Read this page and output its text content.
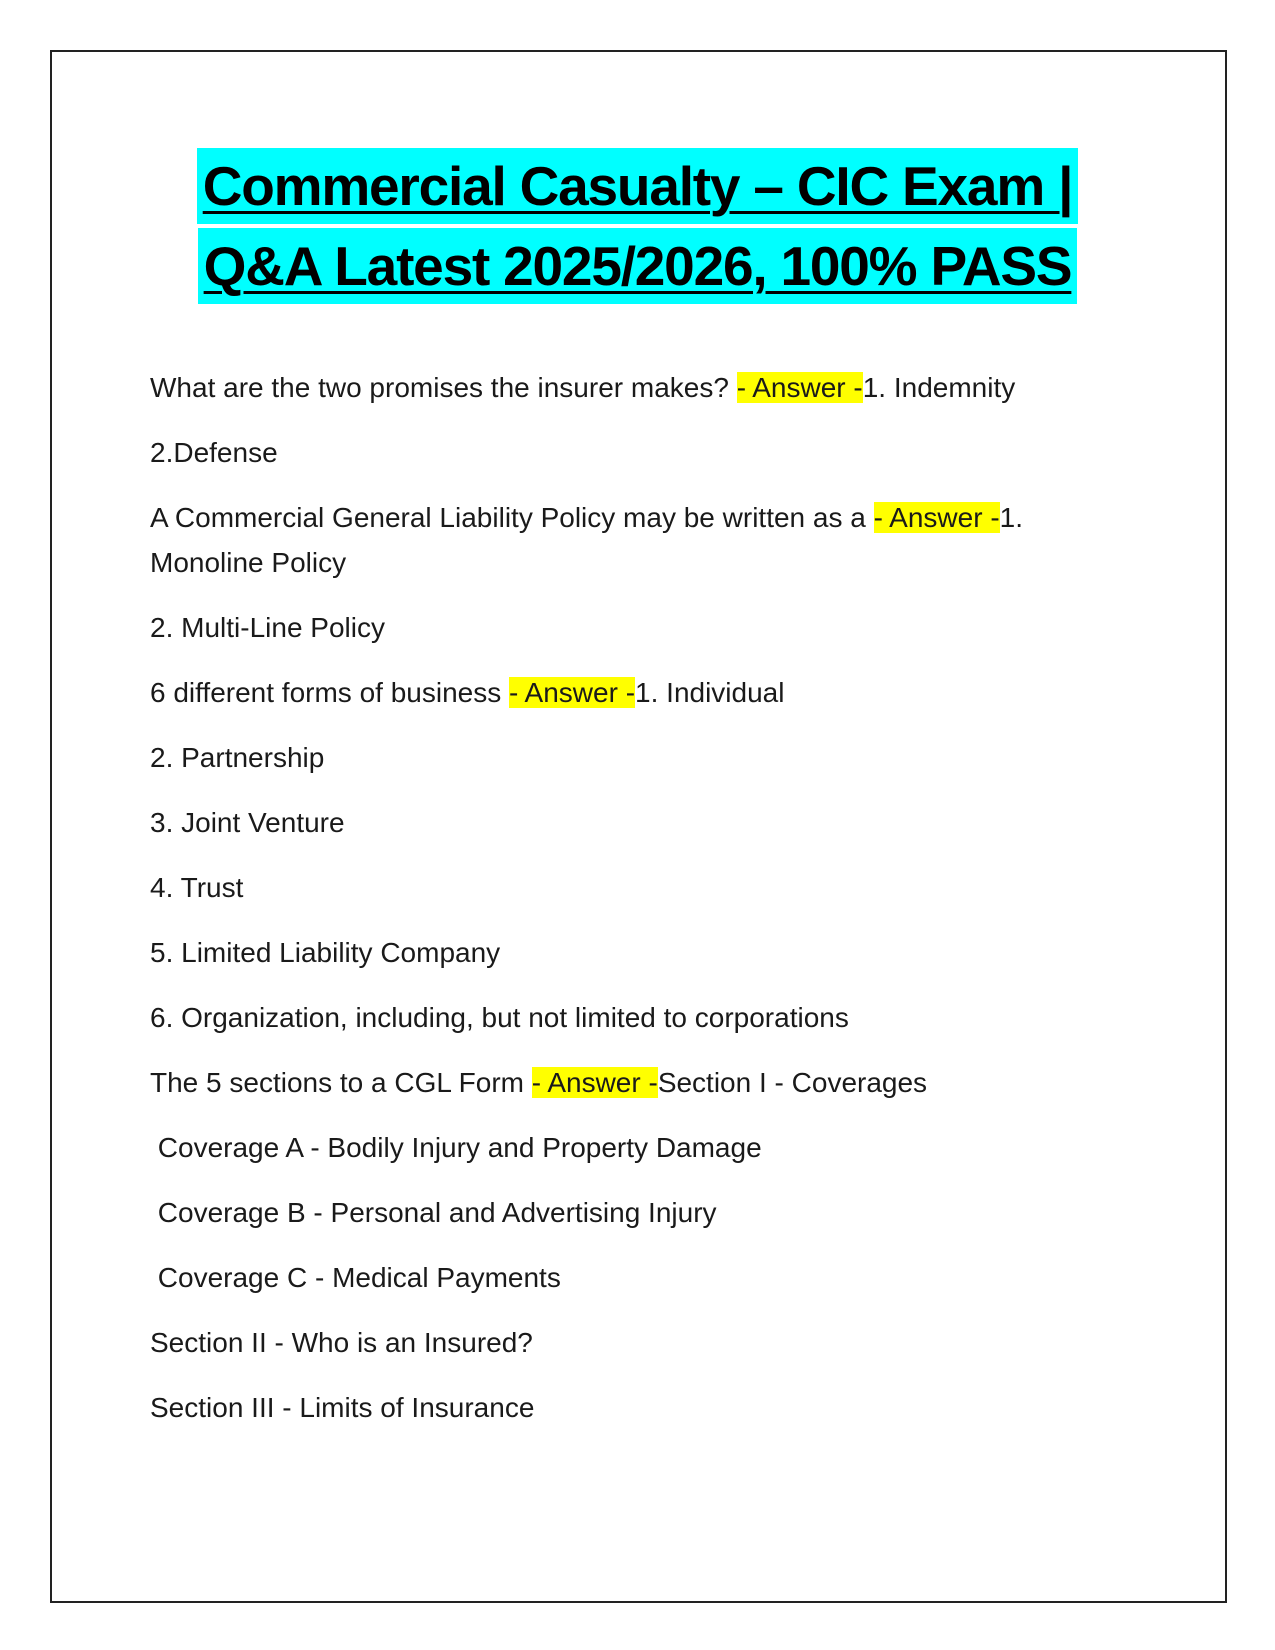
Commercial Casualty – CIC Exam |
Q&A Latest 2025/2026, 100% PASS
What are the two promises the insurer makes? - Answer -1. Indemnity
2.Defense
A Commercial General Liability Policy may be written as a - Answer -1.
Monoline Policy
2. Multi-Line Policy
6 different forms of business - Answer -1. Individual
2. Partnership
3. Joint Venture
4. Trust
5. Limited Liability Company
6. Organization, including, but not limited to corporations
The 5 sections to a CGL Form - Answer -Section I - Coverages
Coverage A - Bodily Injury and Property Damage
Coverage B - Personal and Advertising Injury
Coverage C - Medical Payments
Section II - Who is an Insured?
Section III - Limits of Insurance
